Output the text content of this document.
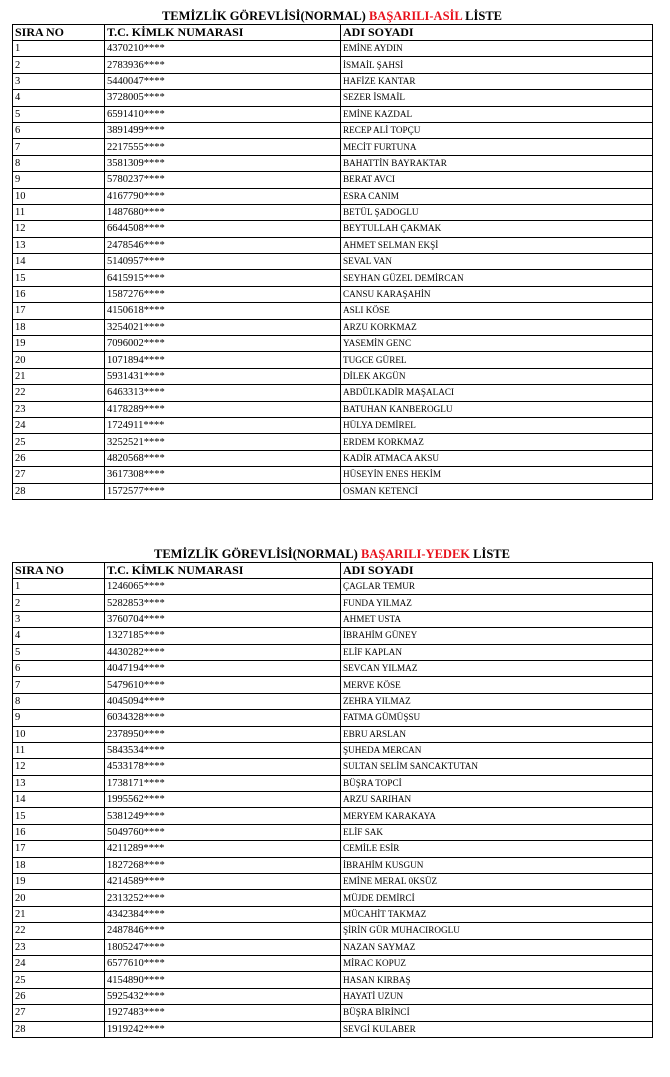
TEMİZLİK GÖREVLİSİ(NORMAL) BAŞARILI-ASİL LİSTE
SIRA NO	T.C. KİMLK NUMARASI	ADI SOYADI
1	4370210****	EMİNE AYDIN
2	2783936****	İSMAİL ŞAHSİ
3	5440047****	HAFİZE KANTAR
4	3728005****	SEZER İSMAİL
5	6591410****	EMİNE KAZDAL
6	3891499****	RECEP ALİ TOPÇU
7	2217555****	MECİT FURTUNA
8	3581309****	BAHATTİN BAYRAKTAR
9	5780237****	BERAT AVCI
10	4167790****	ESRA CANIM
11	1487680****	BETÜL ŞADOGLU
12	6644508****	BEYTULLAH ÇAKMAK
13	2478546****	AHMET SELMAN EKŞİ
14	5140957****	SEVAL VAN
15	6415915****	SEYHAN GÜZEL DEMİRCAN
16	1587276****	CANSU KARAŞAHİN
17	4150618****	ASLI KÖSE
18	3254021****	ARZU KORKMAZ
19	7096002****	YASEMİN GENC
20	1071894****	TUGCE GÜREL
21	5931431****	DİLEK AKGÜN
22	6463313****	ABDÜLKADİR MAŞALACI
23	4178289****	BATUHAN KANBEROGLU
24	1724911****	HÜLYA DEMİREL
25	3252521****	ERDEM KORKMAZ
26	4820568****	KADİR ATMACA AKSU
27	3617308****	HÜSEYİN ENES HEKİM
28	1572577****	OSMAN KETENCİ
TEMİZLİK GÖREVLİSİ(NORMAL) BAŞARILI-YEDEK LİSTE
SIRA NO	T.C. KİMLK NUMARASI	ADI SOYADI
1	1246065****	ÇAGLAR TEMUR
2	5282853****	FUNDA YILMAZ
3	3760704****	AHMET USTA
4	1327185****	İBRAHİM GÜNEY
5	4430282****	ELİF KAPLAN
6	4047194****	SEVCAN YILMAZ
7	5479610****	MERVE KÖSE
8	4045094****	ZEHRA YILMAZ
9	6034328****	FATMA GÜMÜŞSU
10	2378950****	EBRU ARSLAN
11	5843534****	ŞUHEDA MERCAN
12	4533178****	SULTAN SELİM SANCAKTUTAN
13	1738171****	BÜŞRA TOPCİ
14	1995562****	ARZU SARIHAN
15	5381249****	MERYEM KARAKAYA
16	5049760****	ELİF SAK
17	4211289****	CEMİLE ESİR
18	1827268****	İBRAHİM KUSGUN
19	4214589****	EMİNE MERAL 0KSÜZ
20	2313252****	MÜJDE DEMİRCİ
21	4342384****	MÜCAHİT TAKMAZ
22	2487846****	ŞİRİN GÜR MUHACIROGLU
23	1805247****	NAZAN SAYMAZ
24	6577610****	MİRAC KOPUZ
25	4154890****	HASAN KIRBAŞ
26	5925432****	HAYATİ UZUN
27	1927483****	BÜŞRA BİRİNCİ
28	1919242****	SEVGİ KULABER
